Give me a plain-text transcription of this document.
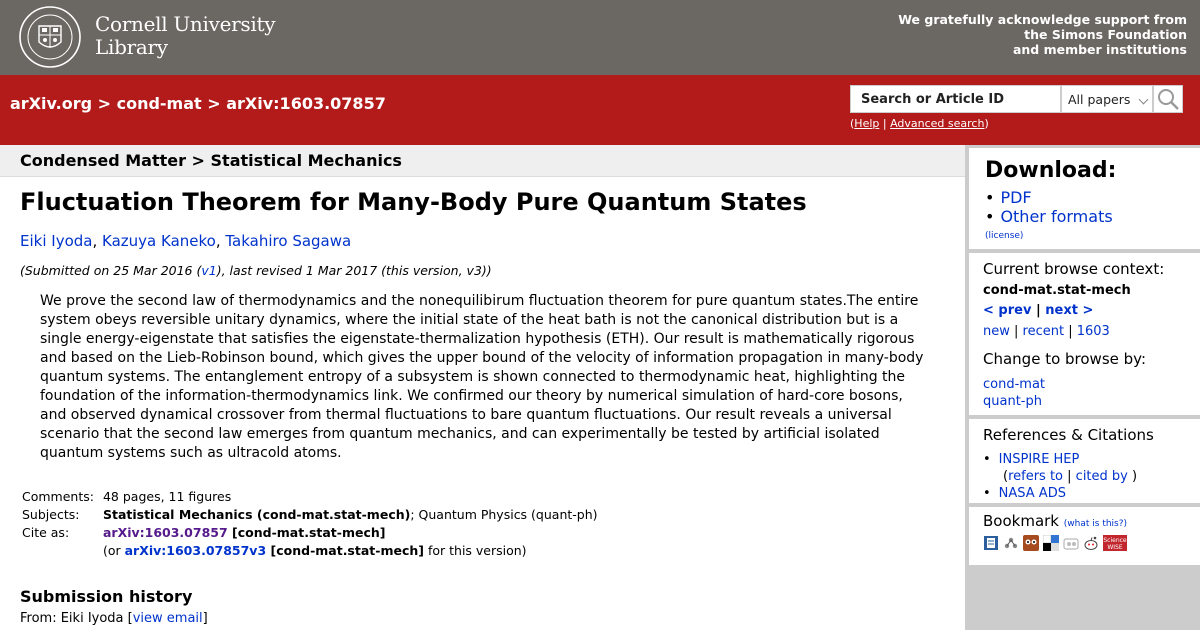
Cornell University
Library
We gratefully acknowledge support from
the Simons Foundation
and member institutions
arXiv.org > cond-mat > arXiv:1603.07857	Search or Article ID	All papers
(Help | Advanced search)
Condensed Matter > Statistical Mechanics
Fluctuation Theorem for Many-Body Pure Quantum States
Eiki Iyoda, Kazuya Kaneko, Takahiro Sagawa
(Submitted on 25 Mar 2016 (v1), last revised 1 Mar 2017 (this version, v3))

We prove the second law of thermodynamics and the nonequilibirum fluctuation theorem for pure quantum states.The entire system obeys reversible unitary dynamics, where the initial state of the heat bath is not the canonical distribution but is a single energy-eigenstate that satisfies the eigenstate-thermalization hypothesis (ETH). Our result is mathematically rigorous and based on the Lieb-Robinson bound, which gives the upper bound of the velocity of information propagation in many-body quantum systems. The entanglement entropy of a subsystem is shown connected to thermodynamic heat, highlighting the foundation of the information-thermodynamics link. We confirmed our theory by numerical simulation of hard-core bosons, and observed dynamical crossover from thermal fluctuations to bare quantum fluctuations. Our result reveals a universal scenario that the second law emerges from quantum mechanics, and can experimentally be tested by artificial isolated quantum systems such as ultracold atoms.

Comments:	48 pages, 11 figures
Subjects:	Statistical Mechanics (cond-mat.stat-mech); Quantum Physics (quant-ph)
Cite as:	arXiv:1603.07857 [cond-mat.stat-mech]
	(or arXiv:1603.07857v3 [cond-mat.stat-mech] for this version)
Submission history
From: Eiki Iyoda [view email]
Download:
• PDF
• Other formats
(license)
Current browse context:
cond-mat.stat-mech
< prev | next >
new | recent | 1603
Change to browse by:
cond-mat
quant-ph
References & Citations
• INSPIRE HEP
(refers to | cited by )
• NASA ADS
Bookmark (what is this?)
Science
WISE
